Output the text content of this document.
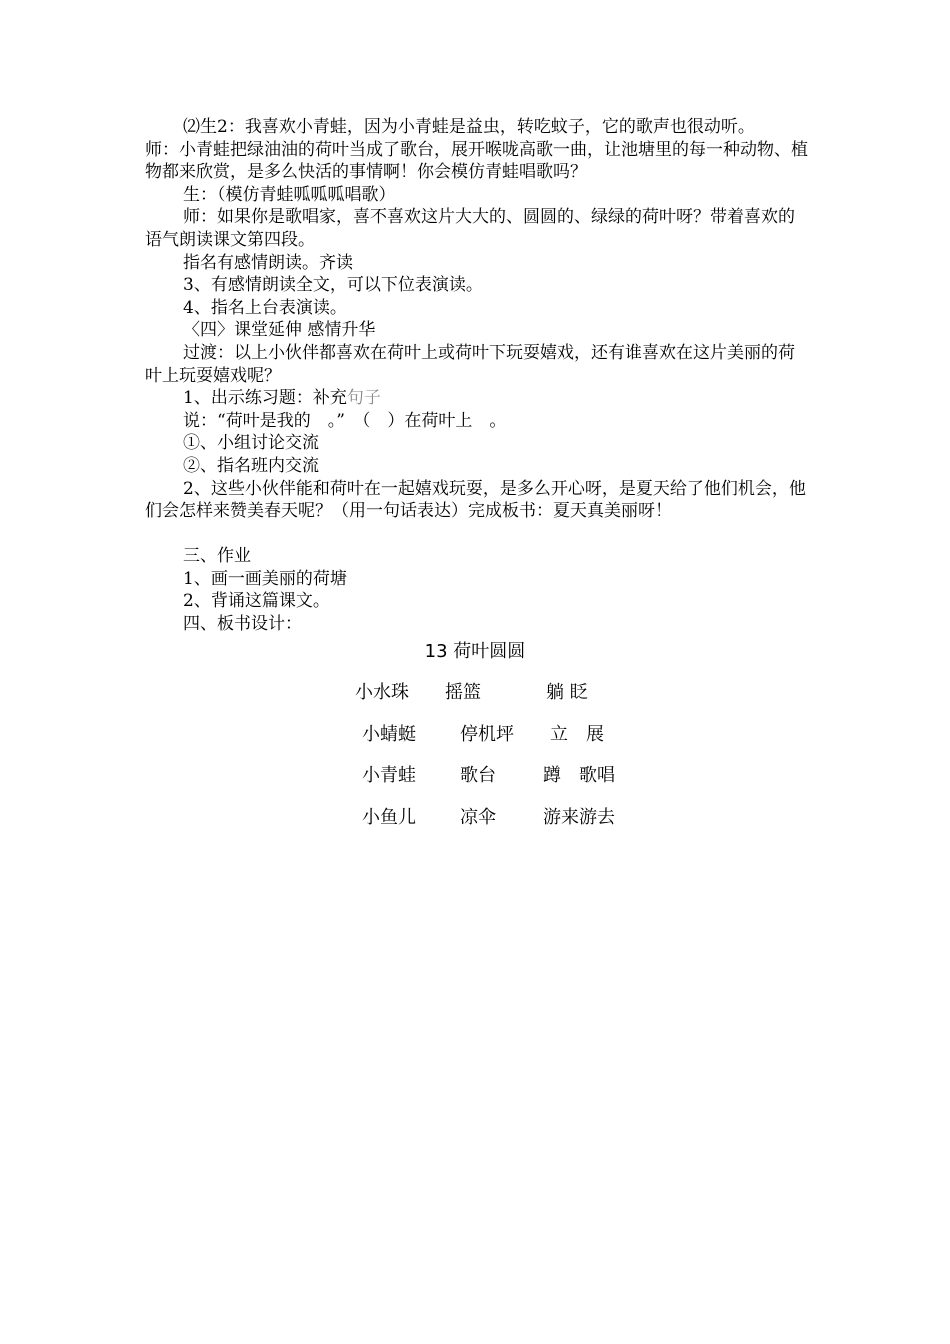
⑵生2：我喜欢小青蛙，因为小青蛙是益虫，转吃蚊子，它的歌声也很动听。

师：小青蛙把绿油油的荷叶当成了歌台，展开喉咙高歌一曲，让池塘里的每一种动物、植物都来欣赏，是多么快活的事情啊！你会模仿青蛙唱歌吗？

生：（模仿青蛙呱呱呱唱歌）

师：如果你是歌唱家，喜不喜欢这片大大的、圆圆的、绿绿的荷叶呀？带着喜欢的语气朗读课文第四段。

指名有感情朗读。齐读

3、有感情朗读全文，可以下位表演读。

4、指名上台表演读。

〈四〉课堂延伸 感情升华

过渡：以上小伙伴都喜欢在荷叶上或荷叶下玩耍嬉戏，还有谁喜欢在这片美丽的荷叶上玩耍嬉戏呢？

1、出示练习题：补充句子

说：“荷叶是我的　。”　（　）在荷叶上　。

①、小组讨论交流

②、指名班内交流

2、这些小伙伴能和荷叶在一起嬉戏玩耍，是多么开心呀，是夏天给了他们机会，他们会怎样来赞美春天呢？（用一句话表达）完成板书：夏天真美丽呀！

三、作业

1、画一画美丽的荷塘

2、背诵这篇课文。

四、板书设计：

13 荷叶圆圆
小水珠 摇篮	躺 眨
小蜻蜓 停机坪 立　展
小青蛙 歌台	蹲　歌唱
小鱼儿 凉伞	游来游去
